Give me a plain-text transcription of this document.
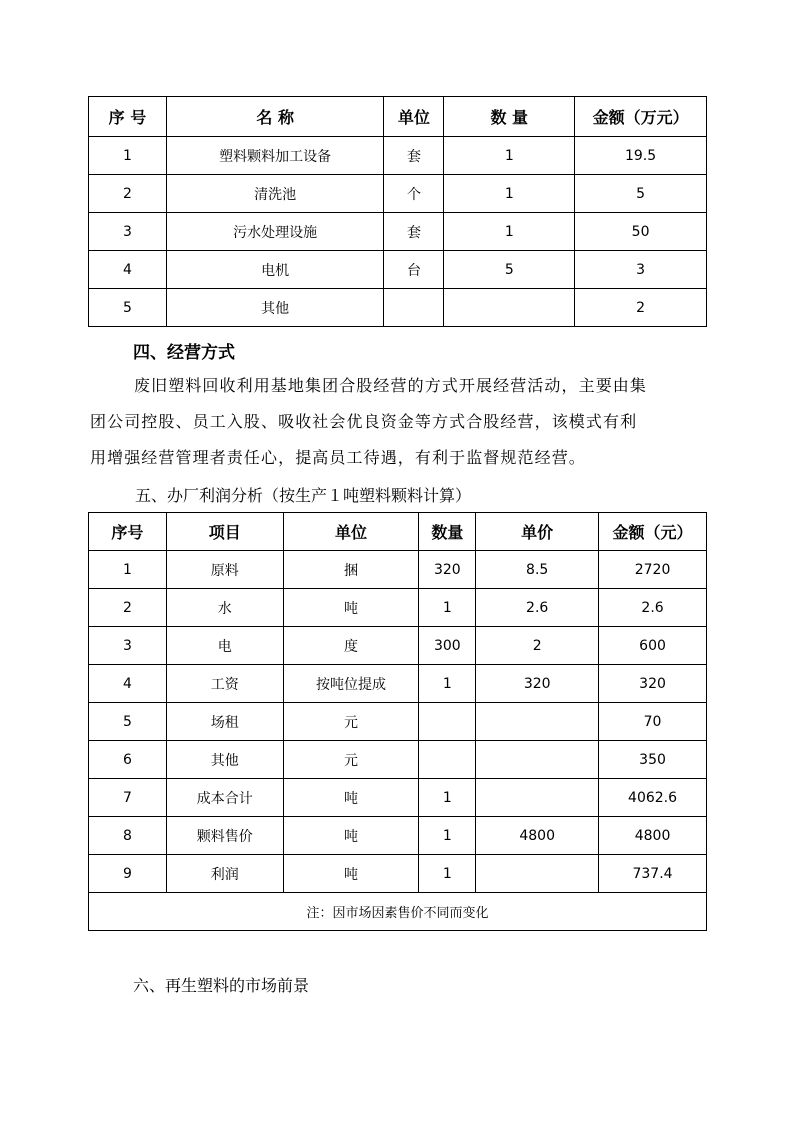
序 号	名 称	单位	数 量	金额（万元）
1	塑料颗料加工设备	套	1	19.5
2	清洗池	个	1	5
3	污水处理设施	套	1	50
4	电机	台	5	3
5	其他			2
四、经营方式

废旧塑料回收利用基地集团合股经营的方式开展经营活动，主要由集

团公司控股、员工入股、吸收社会优良资金等方式合股经营，该模式有利

用增强经营管理者责任心，提高员工待遇，有利于监督规范经营。

五、办厂利润分析（按生产１吨塑料颗料计算）
序号	项目	单位	数量	单价	金额（元）
1	原料	捆	320	8.5	2720
2	水	吨	1	2.6	2.6
3	电	度	300	2	600
4	工资	按吨位提成	1	320	320
5	场租	元			70
6	其他	元			350
7	成本合计	吨	1		4062.6
8	颗料售价	吨	1	4800	4800
9	利润	吨	1		737.4
注：因市场因素售价不同而变化					
六、再生塑料的市场前景
